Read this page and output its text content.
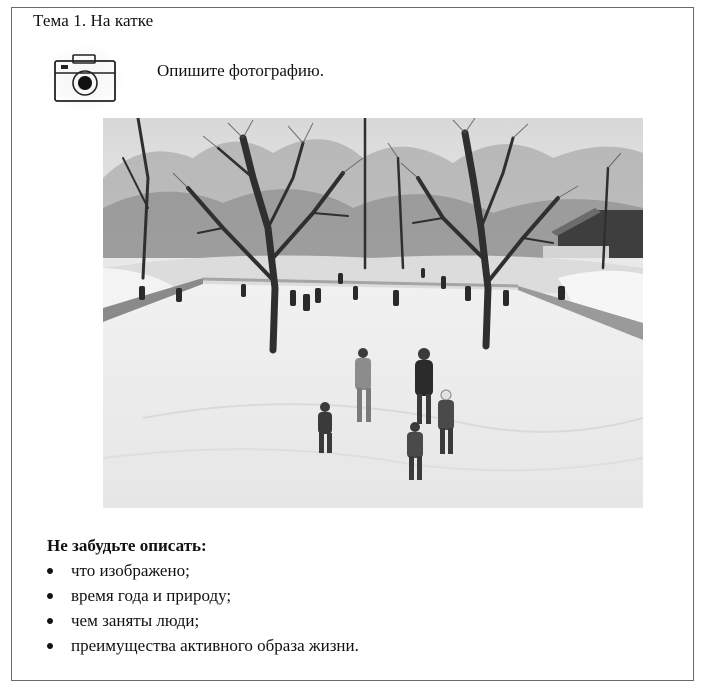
Тема 1. На катке
Опишите фотографию.
Не забудьте описать:
что изображено;
время года и природу;
чем заняты люди;
преимущества активного образа жизни.
